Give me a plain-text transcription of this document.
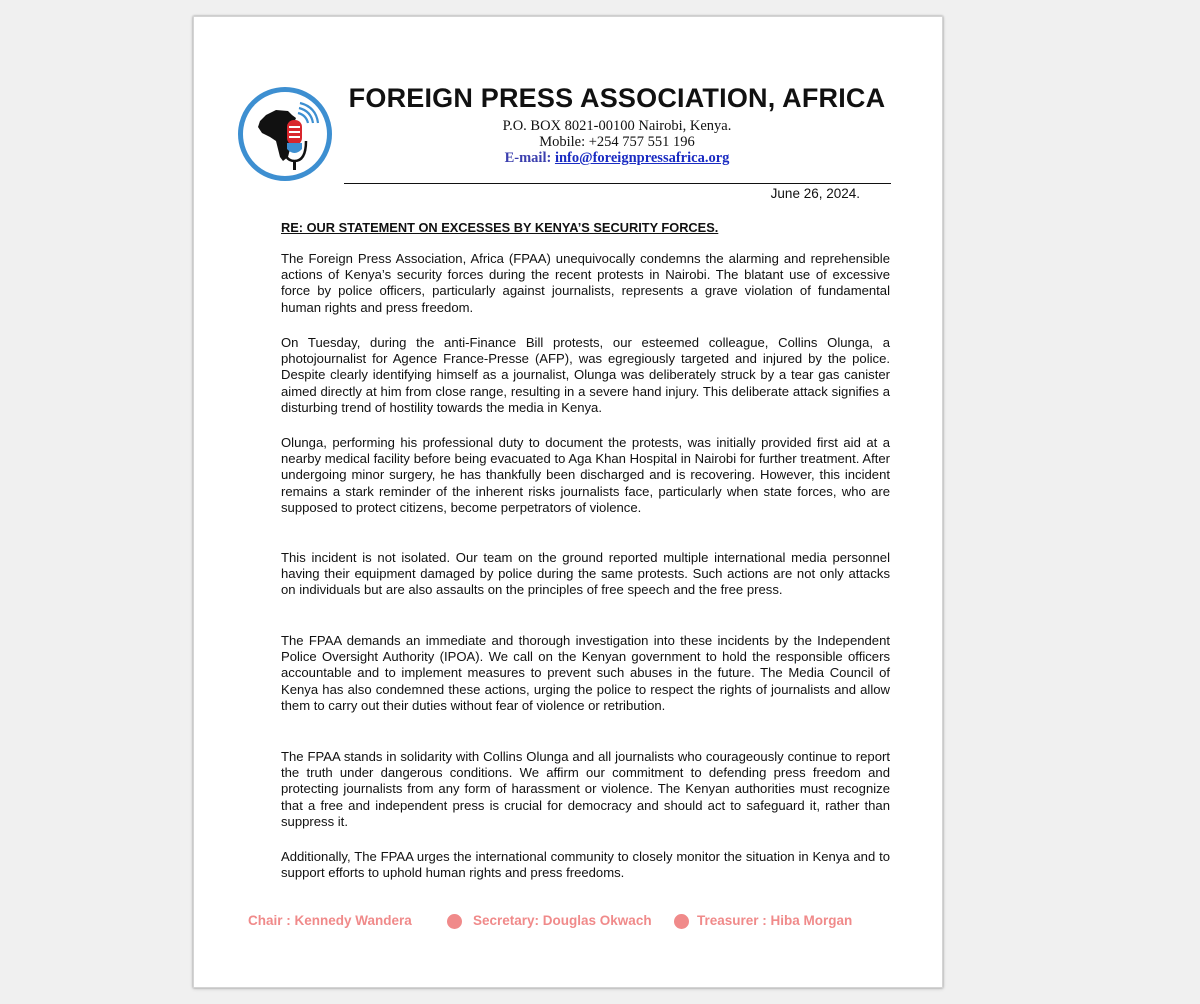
FOREIGN PRESS ASSOCIATION, AFRICA
P.O. BOX 8021-00100 Nairobi, Kenya.
Mobile: +254 757 551 196
E-mail: info@foreignpressafrica.org
June 26, 2024.
RE: OUR STATEMENT ON EXCESSES BY KENYA’S SECURITY FORCES.

The Foreign Press Association, Africa (FPAA) unequivocally condemns the alarming and reprehensible actions of Kenya’s security forces during the recent protests in Nairobi. The blatant use of excessive force by police officers, particularly against journalists, represents a grave violation of fundamental human rights and press freedom.

On Tuesday, during the anti-Finance Bill protests, our esteemed colleague, Collins Olunga, a photojournalist for Agence France-Presse (AFP), was egregiously targeted and injured by the police. Despite clearly identifying himself as a journalist, Olunga was deliberately struck by a tear gas canister aimed directly at him from close range, resulting in a severe hand injury. This deliberate attack signifies a disturbing trend of hostility towards the media in Kenya.

Olunga, performing his professional duty to document the protests, was initially provided first aid at a nearby medical facility before being evacuated to Aga Khan Hospital in Nairobi for further treatment. After undergoing minor surgery, he has thankfully been discharged and is recovering. However, this incident remains a stark reminder of the inherent risks journalists face, particularly when state forces, who are supposed to protect citizens, become perpetrators of violence.

This incident is not isolated. Our team on the ground reported multiple international media personnel having their equipment damaged by police during the same protests. Such actions are not only attacks on individuals but are also assaults on the principles of free speech and the free press.

The FPAA demands an immediate and thorough investigation into these incidents by the Independent Police Oversight Authority (IPOA). We call on the Kenyan government to hold the responsible officers accountable and to implement measures to prevent such abuses in the future. The Media Council of Kenya has also condemned these actions, urging the police to respect the rights of journalists and allow them to carry out their duties without fear of violence or retribution.

The FPAA stands in solidarity with Collins Olunga and all journalists who courageously continue to report the truth under dangerous conditions. We affirm our commitment to defending press freedom and protecting journalists from any form of harassment or violence. The Kenyan authorities must recognize that a free and independent press is crucial for democracy and should act to safeguard it, rather than suppress it.

Additionally, The FPAA urges the international community to closely monitor the situation in Kenya and to support efforts to uphold human rights and press freedoms.

Chair : Kennedy Wandera	Secretary: Douglas Okwach	Treasurer : Hiba Morgan
